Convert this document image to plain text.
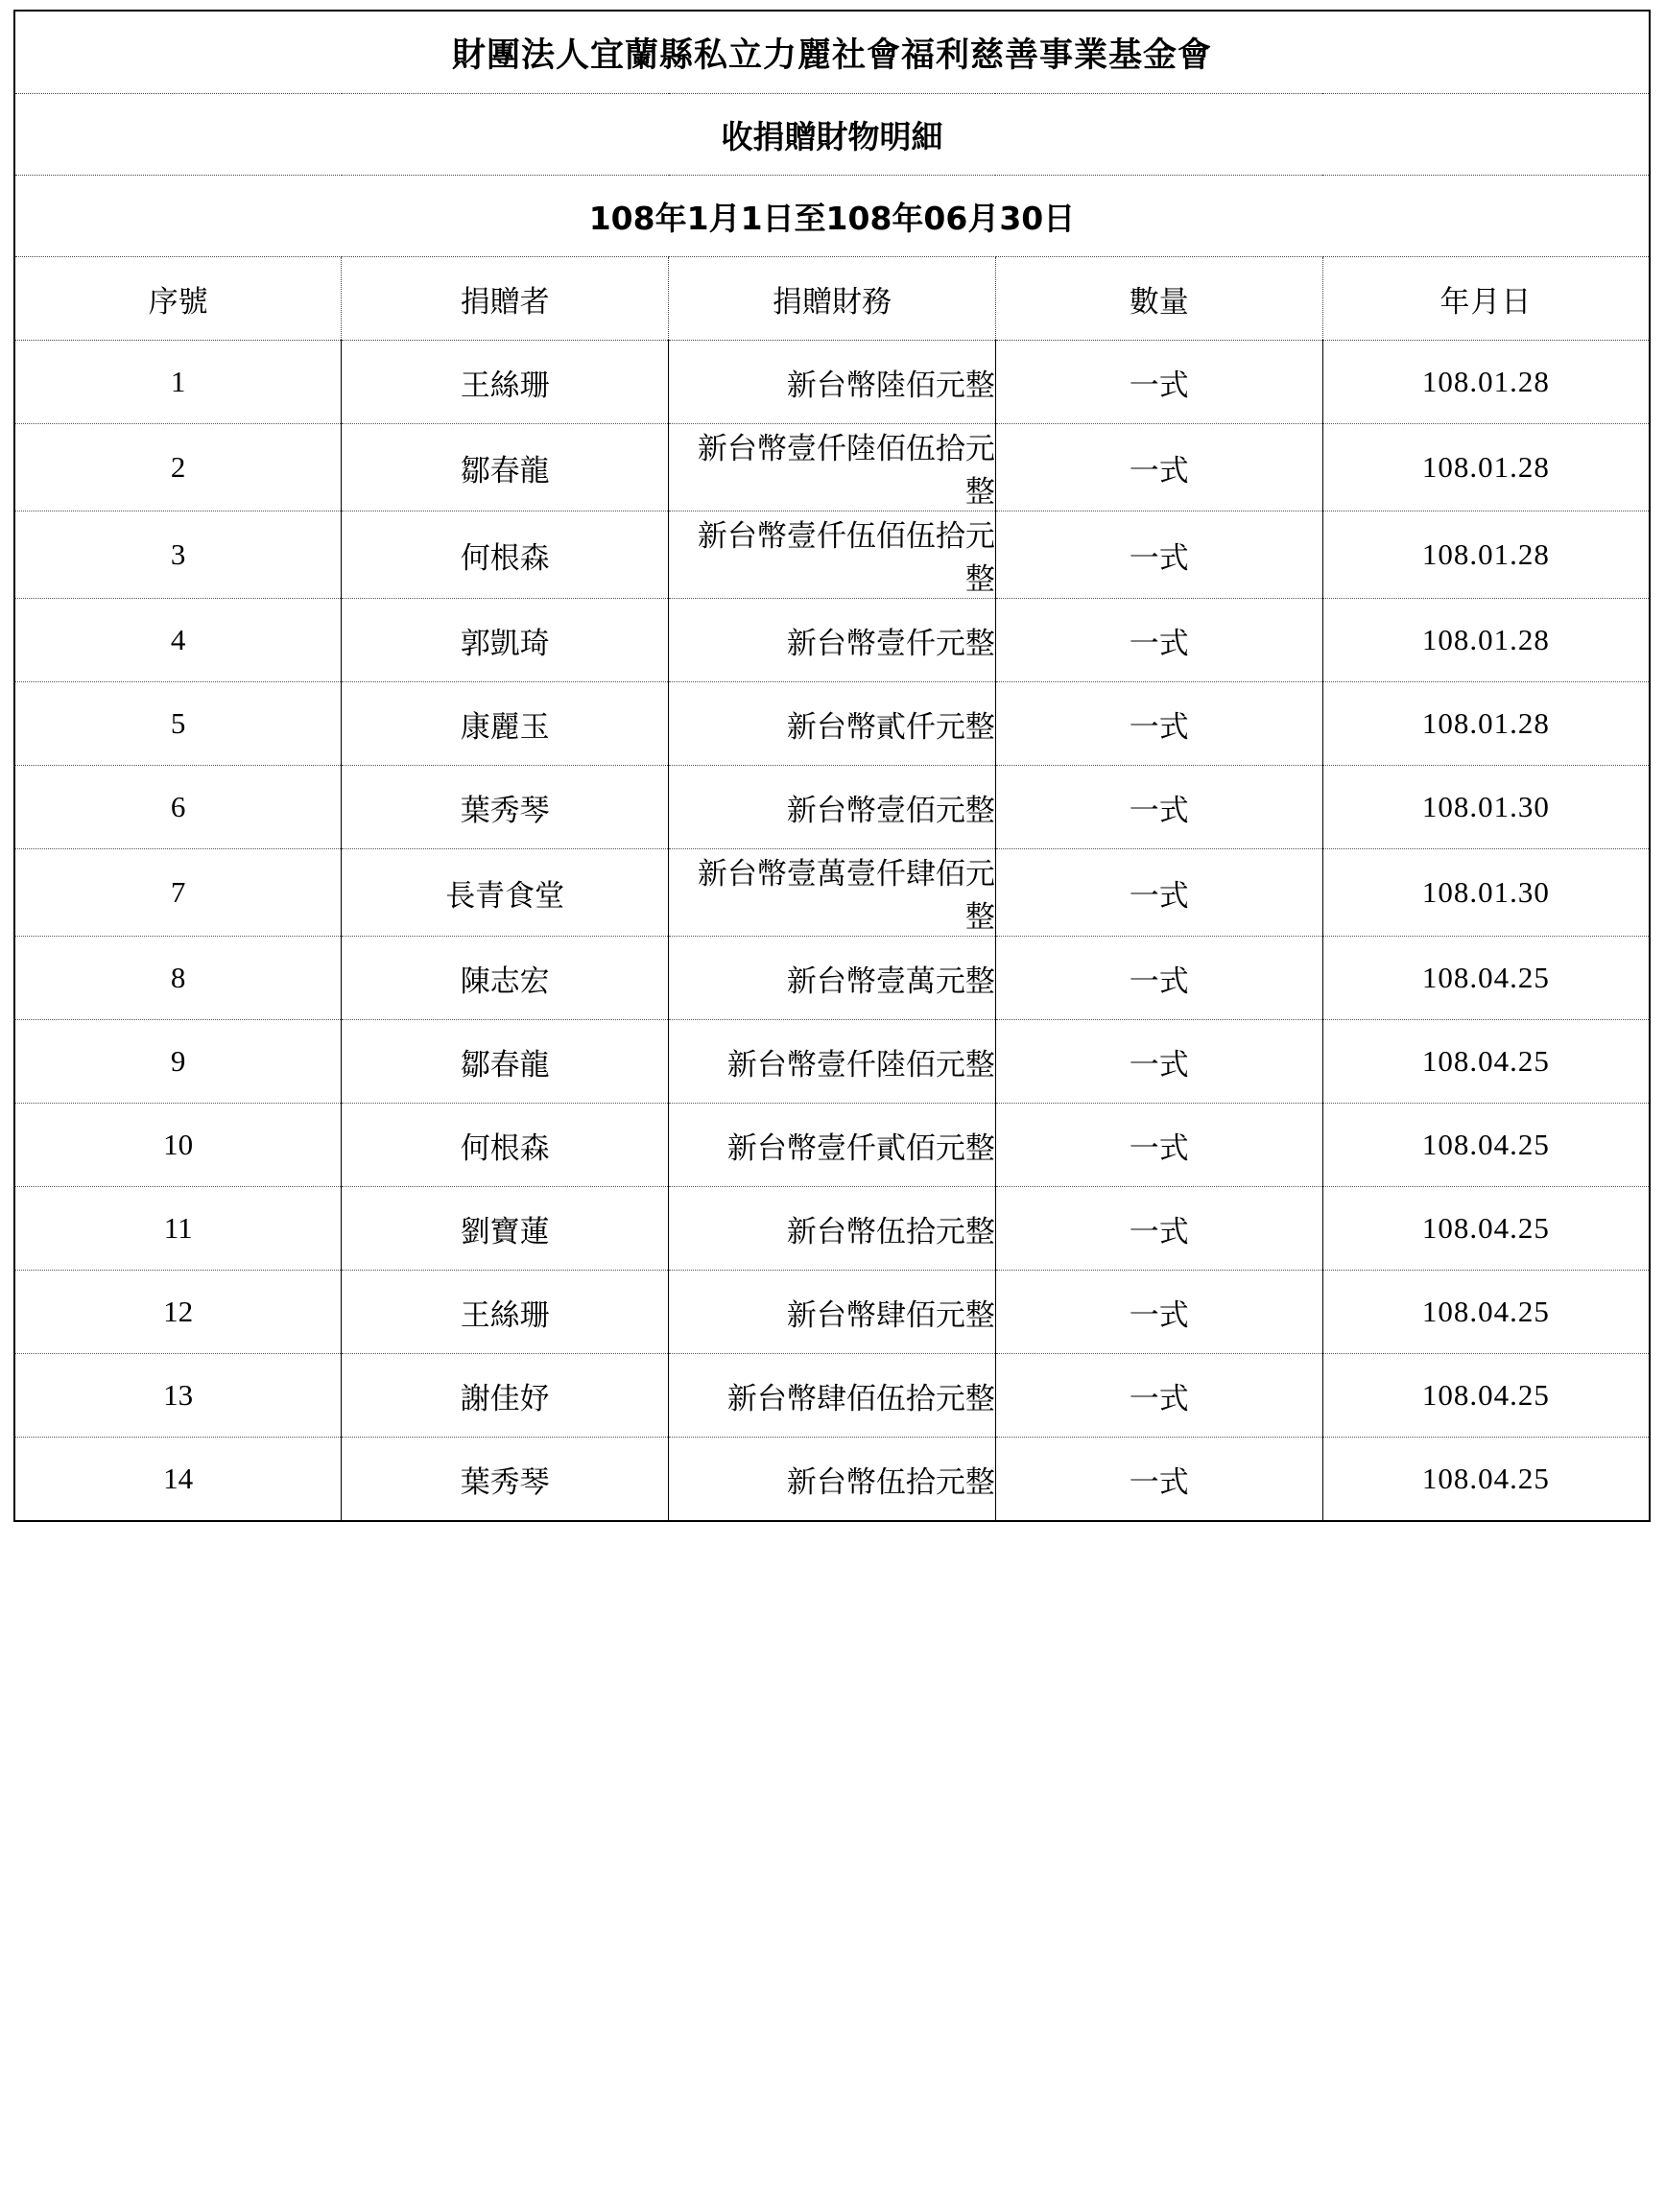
財團法人宜蘭縣私立力麗社會福利慈善事業基金會				
收捐贈財物明細				
108年1月1日至108年06月30日				
序號	捐贈者	捐贈財務	數量	年月日
1	王絲珊	新台幣陸佰元整	一式	108.01.28
2	鄒春龍	新台幣壹仟陸佰伍拾元整	一式	108.01.28
3	何根森	新台幣壹仟伍佰伍拾元整	一式	108.01.28
4	郭凱琦	新台幣壹仟元整	一式	108.01.28
5	康麗玉	新台幣貳仟元整	一式	108.01.28
6	葉秀琴	新台幣壹佰元整	一式	108.01.30
7	長青食堂	新台幣壹萬壹仟肆佰元整	一式	108.01.30
8	陳志宏	新台幣壹萬元整	一式	108.04.25
9	鄒春龍	新台幣壹仟陸佰元整	一式	108.04.25
10	何根森	新台幣壹仟貳佰元整	一式	108.04.25
11	劉寶蓮	新台幣伍拾元整	一式	108.04.25
12	王絲珊	新台幣肆佰元整	一式	108.04.25
13	謝佳妤	新台幣肆佰伍拾元整	一式	108.04.25
14	葉秀琴	新台幣伍拾元整	一式	108.04.25
